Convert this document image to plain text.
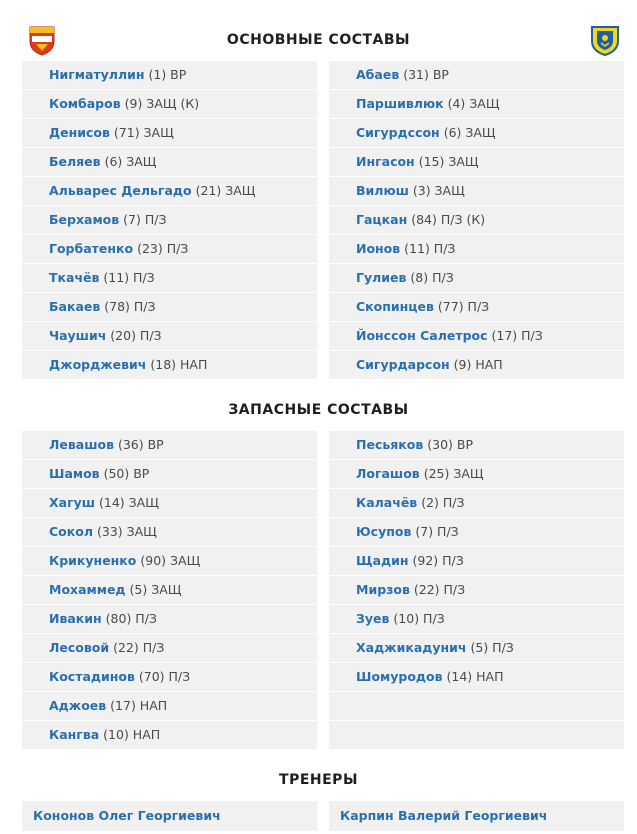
ОСНОВНЫЕ СОСТАВЫ
Нигматуллин (1) ВР
Комбаров (9) ЗАЩ (К)
Денисов (71) ЗАЩ
Беляев (6) ЗАЩ
Альварес Дельгадо (21) ЗАЩ
Берхамов (7) П/З
Горбатенко (23) П/З
Ткачёв (11) П/З
Бакаев (78) П/З
Чаушич (20) П/З
Джорджевич (18) НАП
Абаев (31) ВР
Паршивлюк (4) ЗАЩ
Сигурдссон (6) ЗАЩ
Ингасон (15) ЗАЩ
Вилюш (3) ЗАЩ
Гацкан (84) П/З (К)
Ионов (11) П/З
Гулиев (8) П/З
Скопинцев (77) П/З
Йонссон Салетрос (17) П/З
Сигурдарсон (9) НАП
ЗАПАСНЫЕ СОСТАВЫ
Левашов (36) ВР
Шамов (50) ВР
Хагуш (14) ЗАЩ
Сокол (33) ЗАЩ
Крикуненко (90) ЗАЩ
Мохаммед (5) ЗАЩ
Ивакин (80) П/З
Лесовой (22) П/З
Костадинов (70) П/З
Аджоев (17) НАП
Кангва (10) НАП
Песьяков (30) ВР
Логашов (25) ЗАЩ
Калачёв (2) П/З
Юсупов (7) П/З
Щадин (92) П/З
Мирзов (22) П/З
Зуев (10) П/З
Хаджикадунич (5) П/З
Шомуродов (14) НАП
ТРЕНЕРЫ
Кононов Олег Георгиевич	Карпин Валерий Георгиевич
